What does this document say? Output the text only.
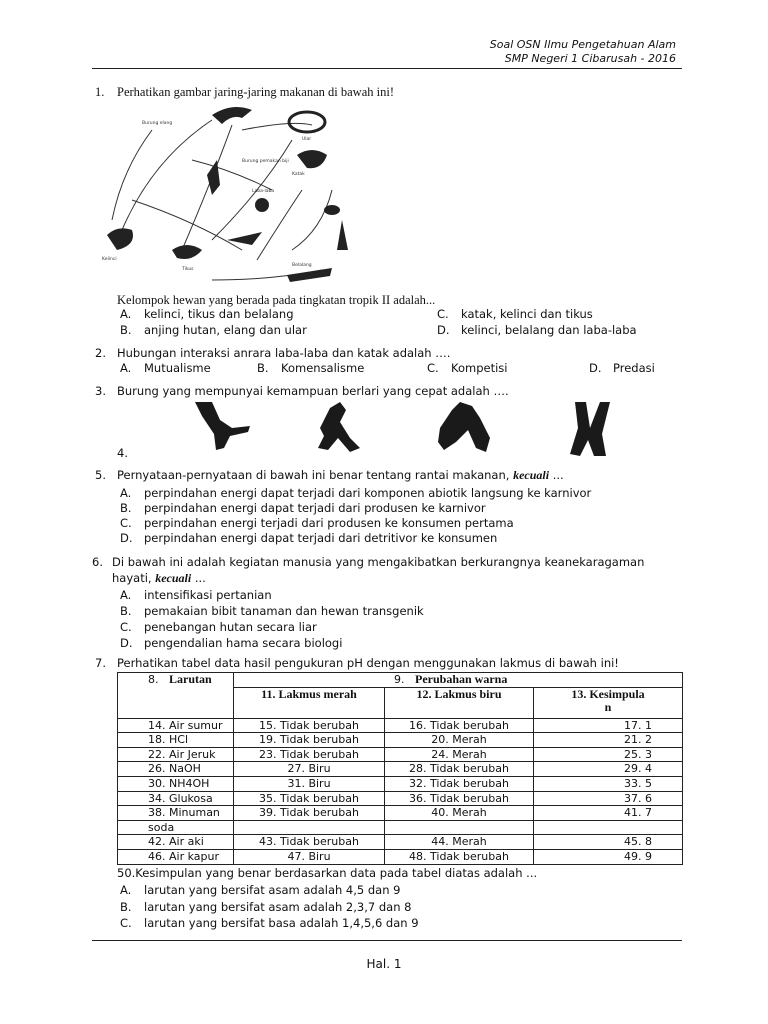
Soal OSN Ilmu Pengetahuan Alam
SMP Negeri 1 Cibarusah - 2016
1. Perhatikan gambar jaring-jaring makanan di bawah ini!
Burung elang
Burung pemakan biji
Laba-laba
Katak
Belalang
Tikus
Kelinci
Ular
Kelompok hewan yang berada pada tingkatan tropik II adalah...
A. kelinci, tikus dan belalang	C. katak, kelinci dan tikus
B. anjing hutan, elang dan ular	D. kelinci, belalang dan laba-laba
2. Hubungan interaksi anrara laba-laba dan katak adalah ….
A. Mutualisme	B. Komensalisme	C. Kompetisi	D. Predasi
3. Burung yang mempunyai kemampuan berlari yang cepat adalah ….
4.
5. Pernyataan-pernyataan di bawah ini benar tentang rantai makanan, kecuali ...
A. perpindahan energi dapat terjadi dari komponen abiotik langsung ke karnivor
B. perpindahan energi dapat terjadi dari produsen ke karnivor
C. perpindahan energi terjadi dari produsen ke konsumen pertama
D. perpindahan energi dapat terjadi dari detritivor ke konsumen
6. Di bawah ini adalah kegiatan manusia yang mengakibatkan berkurangnya keanekaragaman
hayati, kecuali ...
A. intensifikasi pertanian
B. pemakaian bibit tanaman dan hewan transgenik
C. penebangan hutan secara liar
D. pengendalian hama secara biologi
7. Perhatikan tabel data hasil pengukuran pH dengan menggunakan lakmus di bawah ini!
8. Larutan	9. Perubahan warna		
	11. Lakmus merah	12. Lakmus biru	13. Kesimpula
n
14. Air sumur	15. Tidak berubah	16. Tidak berubah	17. 1
18. HCl	19. Tidak berubah	20. Merah	21. 2
22. Air Jeruk	23. Tidak berubah	24. Merah	25. 3
26. NaOH	27. Biru	28. Tidak berubah	29. 4
30. NH4OH	31. Biru	32. Tidak berubah	33. 5
34. Glukosa	35. Tidak berubah	36. Tidak berubah	37. 6
38. Minuman	39. Tidak berubah	40. Merah	41. 7
soda			
42. Air aki	43. Tidak berubah	44. Merah	45. 8
46. Air kapur	47. Biru	48. Tidak berubah	49. 9
50.Kesimpulan yang benar berdasarkan data pada tabel diatas adalah ...
A. larutan yang bersifat asam adalah 4,5 dan 9
B. larutan yang bersifat asam adalah 2,3,7 dan 8
C. larutan yang bersifat basa adalah 1,4,5,6 dan 9
Hal. 1
